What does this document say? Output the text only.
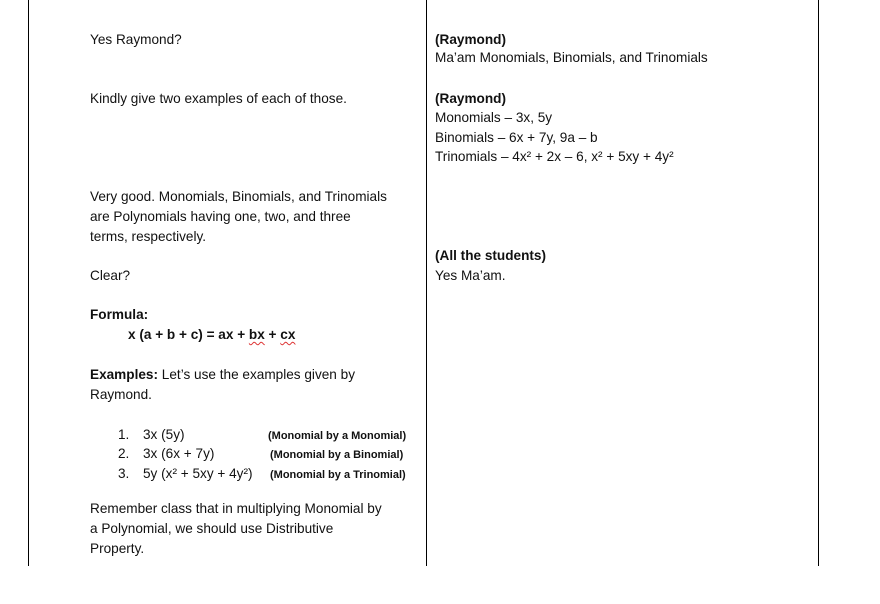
Yes Raymond?
Kindly give two examples of each of those.
Very good. Monomials, Binomials, and Trinomials
are Polynomials having one, two, and three
terms, respectively.
Clear?
Formula:
x (a + b + c) = ax + bx + cx
Examples: Let’s use the examples given by
Raymond.
1. 3x (5y)	(Monomial by a Monomial)
2. 3x (6x + 7y)	(Monomial by a Binomial)
3. 5y (x² + 5xy + 4y²) (Monomial by a Trinomial)
Remember class that in multiplying Monomial by
a Polynomial, we should use Distributive
Property.
(Raymond)
Ma’am Monomials, Binomials, and Trinomials
(Raymond)
Monomials – 3x, 5y
Binomials – 6x + 7y, 9a – b
Trinomials – 4x² + 2x – 6, x² + 5xy + 4y²
(All the students)
Yes Ma’am.
